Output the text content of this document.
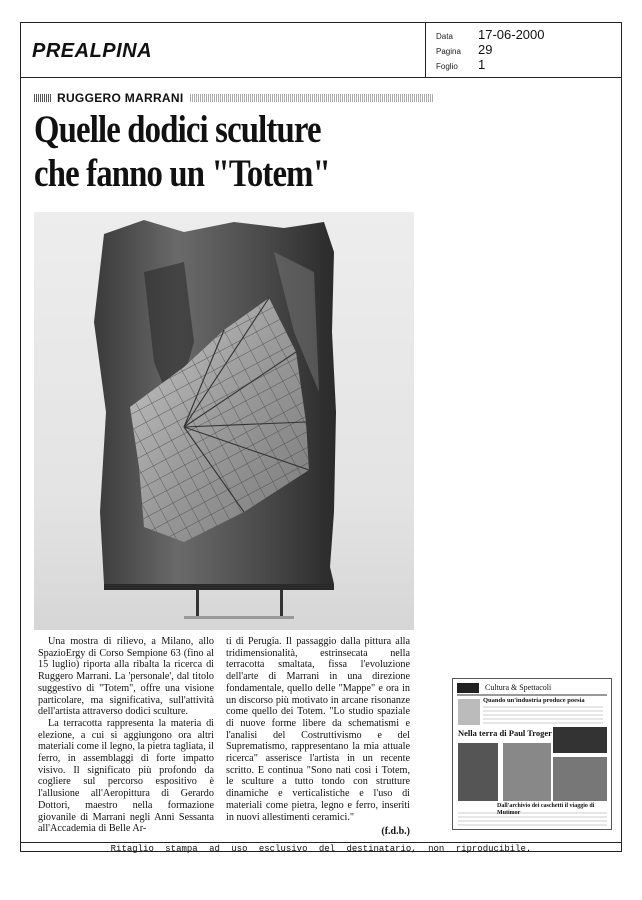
PREALPINA
Data	17-06-2000
Pagina	29
Foglio	1
RUGGERO MARRANI
Quelle dodici sculture
che fanno un "Totem"

Una mostra di rilievo, a Milano, allo SpazioErgy di Corso Sempione 63 (fino al 15 luglio) riporta alla ribalta la ricerca di Ruggero Marrani. La 'personale', dal titolo suggestivo di "Totem", offre una visione particolare, ma significativa, sull'attività dell'artista attraverso dodici sculture.

La terracotta rappresenta la materia di elezione, a cui si aggiungono ora altri materiali come il legno, la pietra tagliata, il ferro, in assemblaggi di forte impatto visivo. Il significato più profondo da cogliere sul percorso espositivo è l'allusione all'Aeropittura di Gerardo Dottori, maestro nella formazione giovanile di Marrani negli Anni Sessanta all'Accademia di Belle Ar-

ti di Perugia. Il passaggio dalla pittura alla tridimensionalità, estrinsecata nella terracotta smaltata, fissa l'evoluzione dell'arte di Marrani in una direzione fondamentale, quello delle "Mappe" e ora in un discorso più motivato in arcane risonanze come quello dei Totem. "Lo studio spaziale di nuove forme libere da schematismi e l'analisi del Costruttivismo e del Suprematismo, rappresentano la mia attuale ricerca" asserisce l'artista in un recente scritto. E continua "Sono nati così i Totem, le sculture a tutto tondo con strutture dinamiche e verticalistiche e l'uso di materiali come pietra, legno e ferro, inseriti in nuovi allestimenti ceramici."

(f.d.b.)
Cultura & Spettacoli
Quando un'industria produce poesia
Nella terra di Paul Troger
Dall'archivio dei caschetti il viaggio di Mutimor
Ritaglio stampa ad uso esclusivo del destinatario, non riproducibile.
